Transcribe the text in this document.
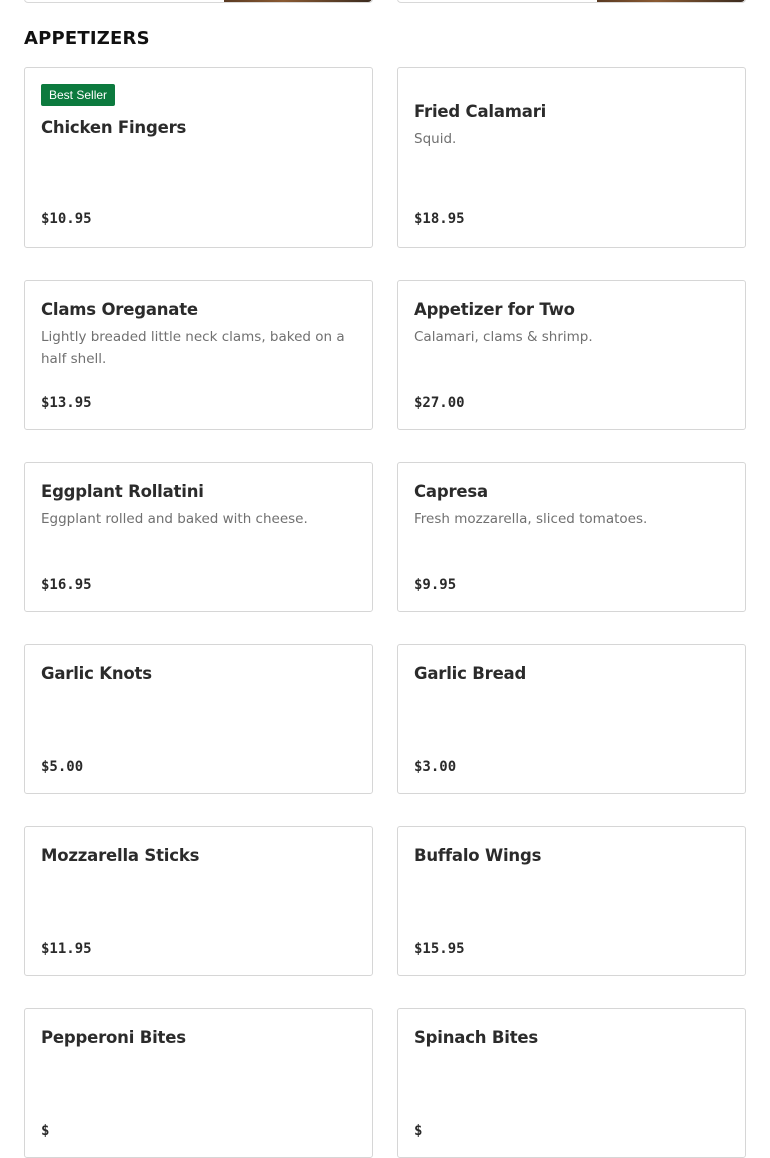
APPETIZERS
Best Seller
Chicken Fingers
$10.95
Fried Calamari
Squid.
$18.95
Clams Oreganate
Lightly breaded little neck clams, baked on a half shell.
$13.95
Appetizer for Two
Calamari, clams & shrimp.
$27.00
Eggplant Rollatini
Eggplant rolled and baked with cheese.
$16.95
Capresa
Fresh mozzarella, sliced tomatoes.
$9.95
Garlic Knots
$5.00
Garlic Bread
$3.00
Mozzarella Sticks
$11.95
Buffalo Wings
$15.95
Pepperoni Bites
$
Spinach Bites
$
